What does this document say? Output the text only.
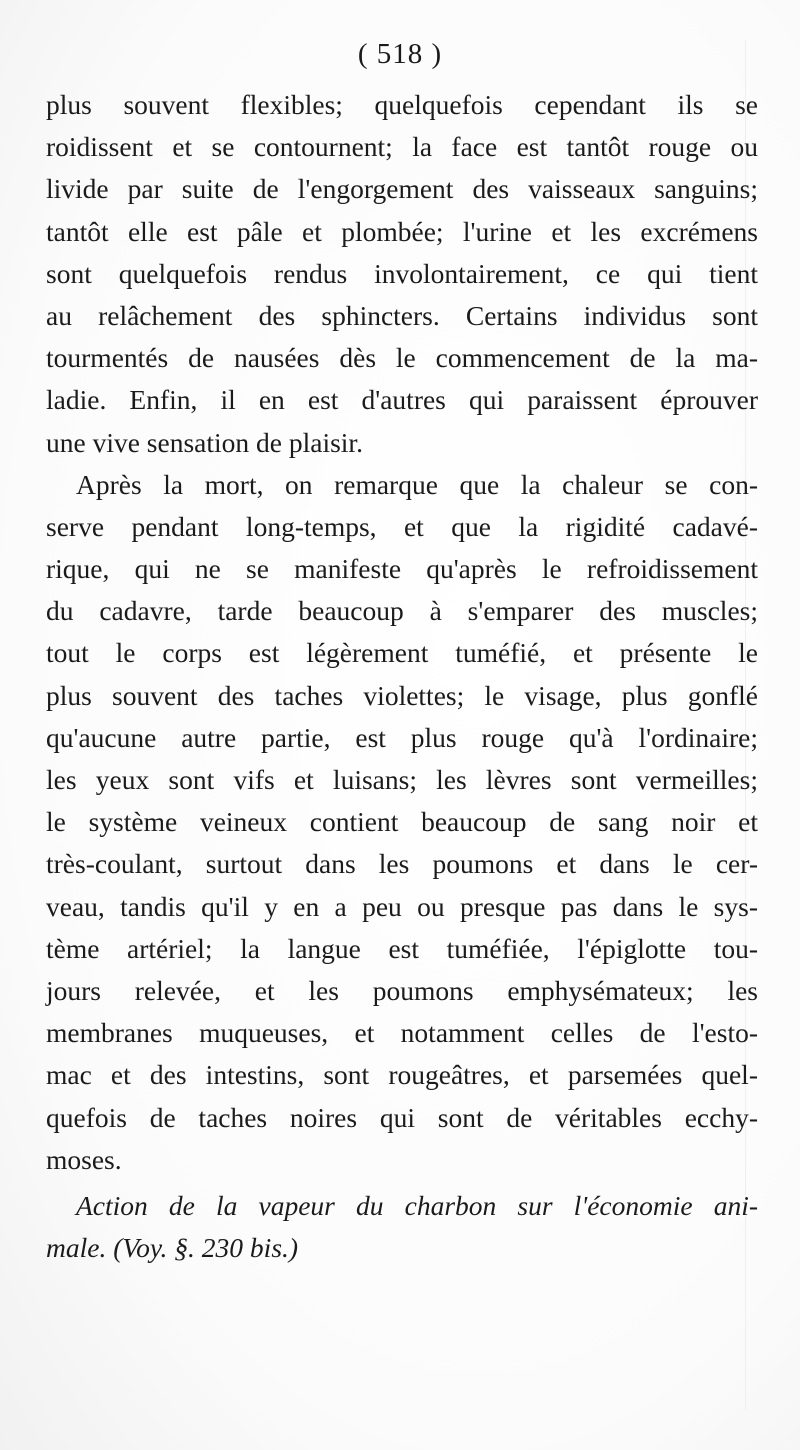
( 518 )
plus souvent flexibles; quelquefois cependant ils se
roidissent et se contournent; la face est tantôt rouge ou
livide par suite de l'engorgement des vaisseaux sanguins;
tantôt elle est pâle et plombée; l'urine et les excrémens
sont quelquefois rendus involontairement, ce qui tient
au relâchement des sphincters. Certains individus sont
tourmentés de nausées dès le commencement de la ma-
ladie. Enfin, il en est d'autres qui paraissent éprouver
une vive sensation de plaisir.
Après la mort, on remarque que la chaleur se con-
serve pendant long-temps, et que la rigidité cadavé-
rique, qui ne se manifeste qu'après le refroidissement
du cadavre, tarde beaucoup à s'emparer des muscles;
tout le corps est légèrement tuméfié, et présente le
plus souvent des taches violettes; le visage, plus gonflé
qu'aucune autre partie, est plus rouge qu'à l'ordinaire;
les yeux sont vifs et luisans; les lèvres sont vermeilles;
le système veineux contient beaucoup de sang noir et
très-coulant, surtout dans les poumons et dans le cer-
veau, tandis qu'il y en a peu ou presque pas dans le sys-
tème artériel; la langue est tuméfiée, l'épiglotte tou-
jours relevée, et les poumons emphysémateux; les
membranes muqueuses, et notamment celles de l'esto-
mac et des intestins, sont rougeâtres, et parsemées quel-
quefois de taches noires qui sont de véritables ecchy-
moses.
Action de la vapeur du charbon sur l'économie ani-
male. (Voy. §. 230 bis.)
